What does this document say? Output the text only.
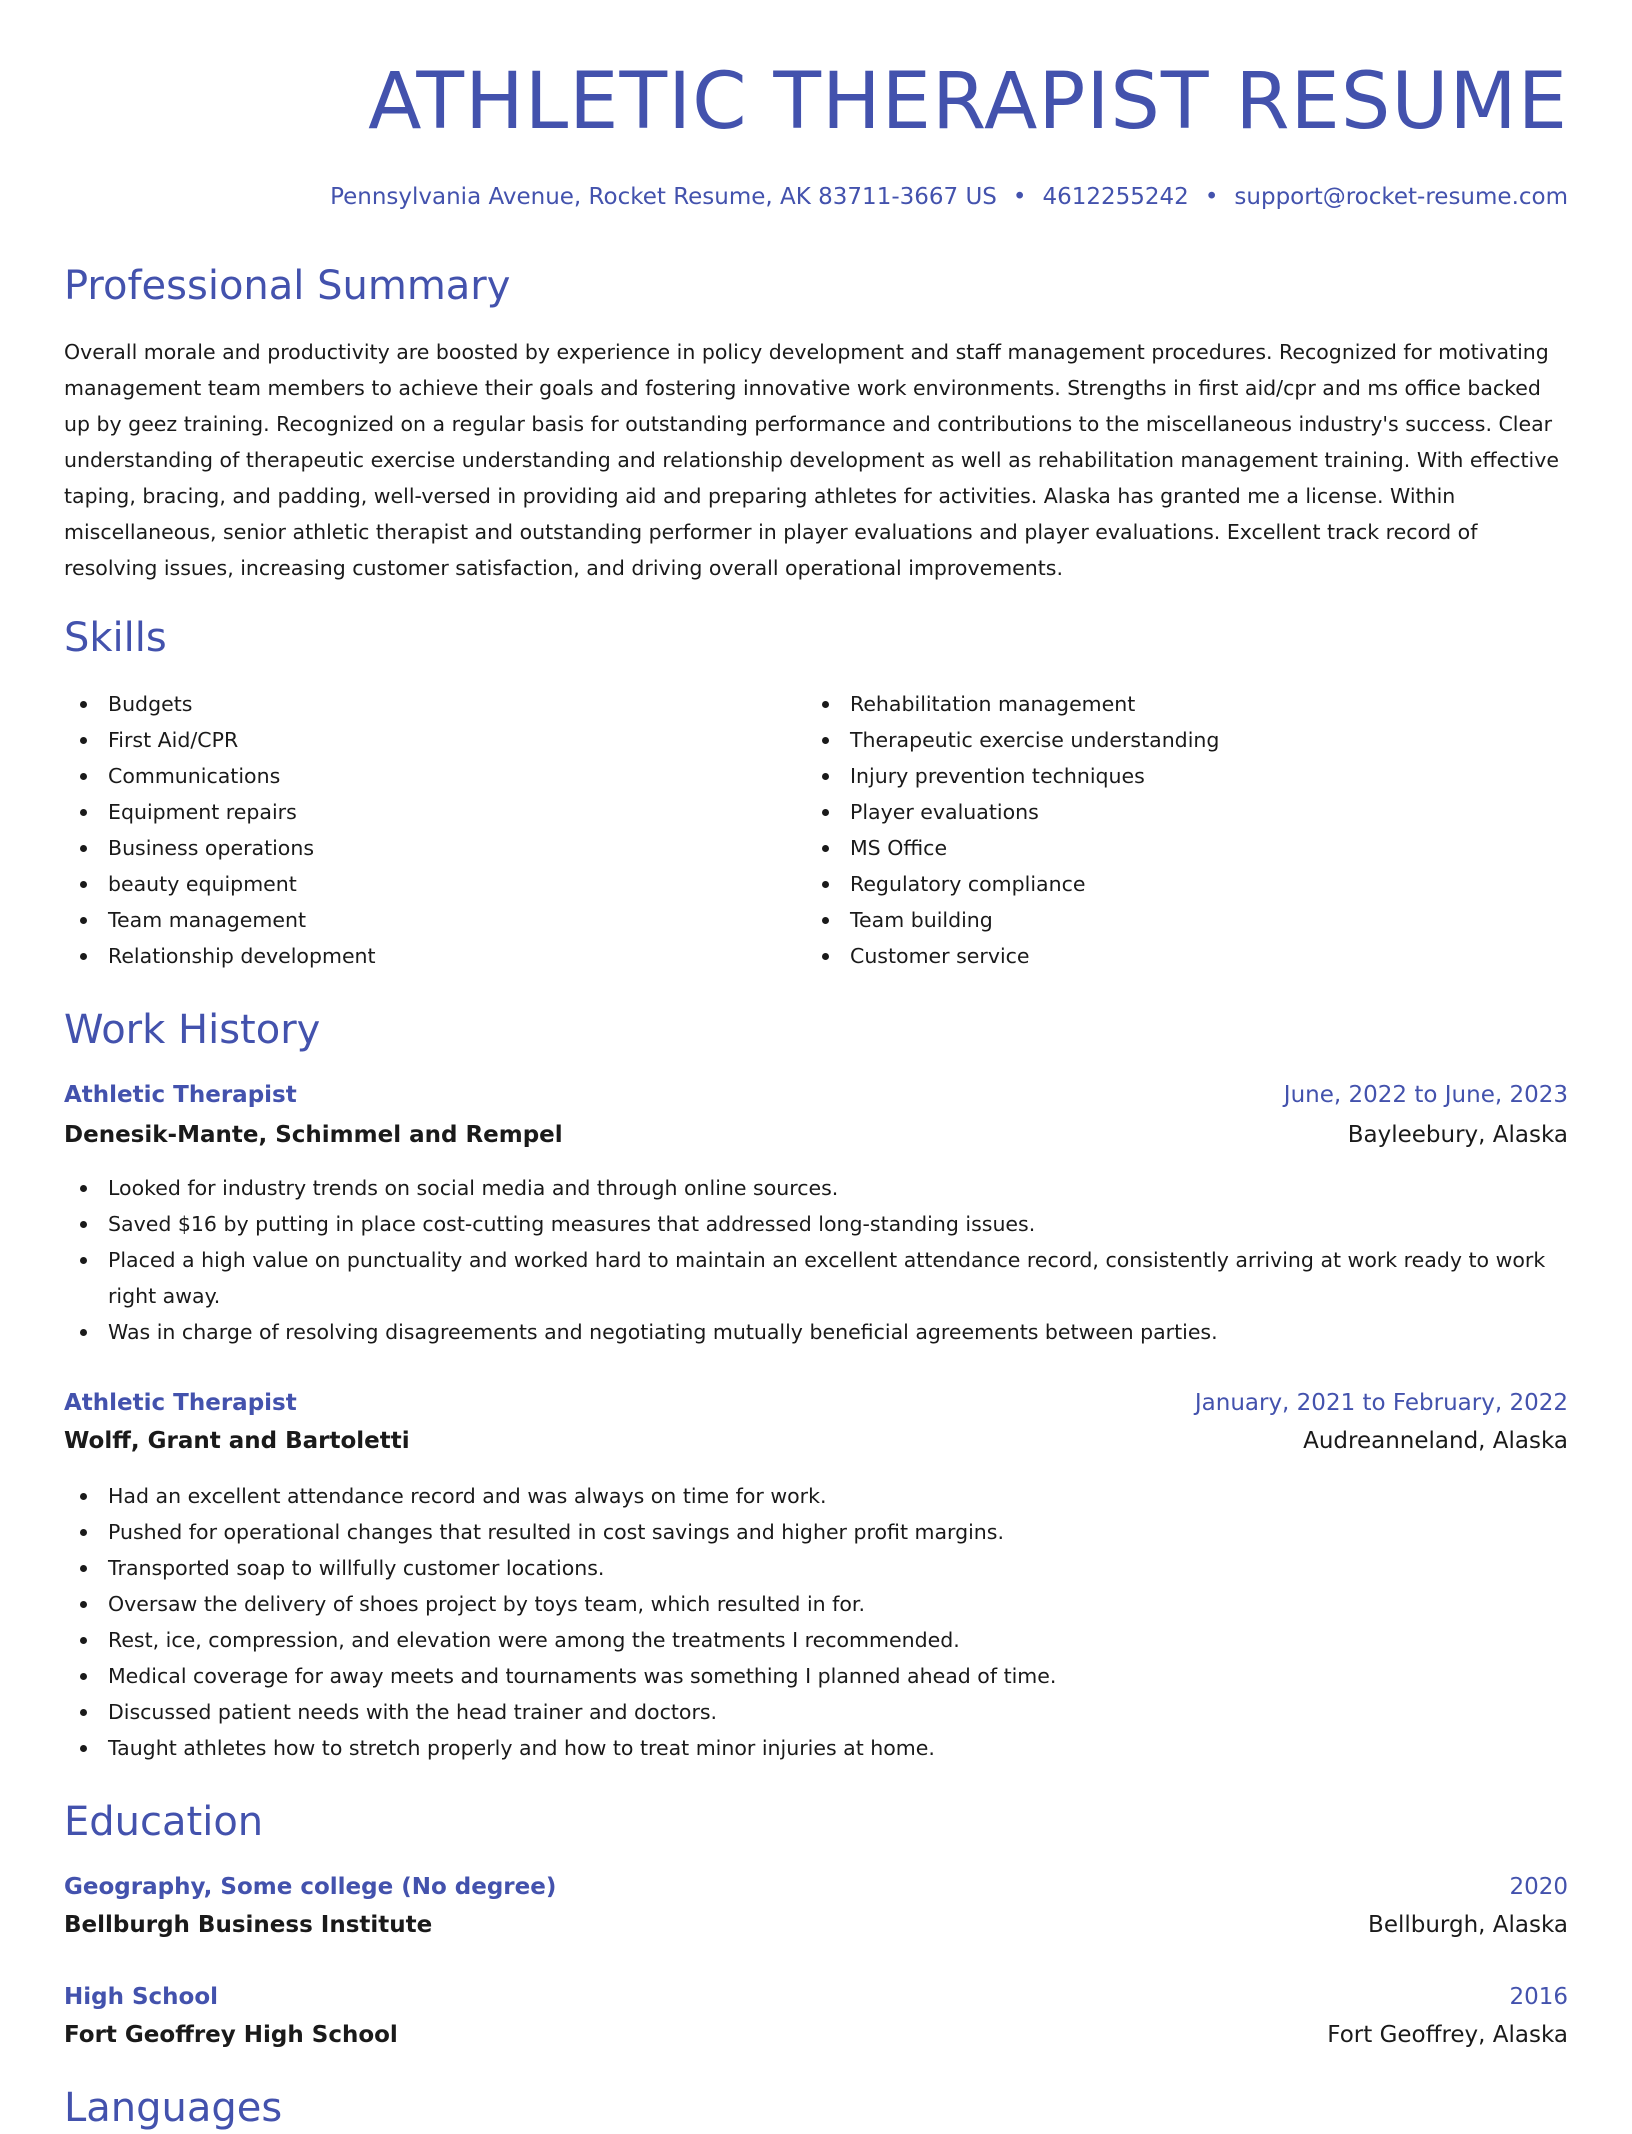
ATHLETIC THERAPIST RESUME
Pennsylvania Avenue, Rocket Resume, AK 83711-3667 US • 4612255242 • support@rocket-resume.com
Professional Summary

Overall morale and productivity are boosted by experience in policy development and staff management procedures. Recognized for motivating management team members to achieve their goals and fostering innovative work environments. Strengths in first aid/cpr and ms office backed up by geez training. Recognized on a regular basis for outstanding performance and contributions to the miscellaneous industry's success. Clear understanding of therapeutic exercise understanding and relationship development as well as rehabilitation management training. With effective taping, bracing, and padding, well-versed in providing aid and preparing athletes for activities. Alaska has granted me a license. Within miscellaneous, senior athletic therapist and outstanding performer in player evaluations and player evaluations. Excellent track record of resolving issues, increasing customer satisfaction, and driving overall operational improvements.

Skills
Budgets
First Aid/CPR
Communications
Equipment repairs
Business operations
beauty equipment
Team management
Relationship development
Rehabilitation management
Therapeutic exercise understanding
Injury prevention techniques
Player evaluations
MS Office
Regulatory compliance
Team building
Customer service
Work History
Athletic Therapist	June, 2022 to June, 2023
Denesik-Mante, Schimmel and Rempel	Bayleebury, Alaska
Looked for industry trends on social media and through online sources.
Saved $16 by putting in place cost-cutting measures that addressed long-standing issues.
Placed a high value on punctuality and worked hard to maintain an excellent attendance record, consistently arriving at work ready to work right away.
Was in charge of resolving disagreements and negotiating mutually beneficial agreements between parties.
Athletic Therapist	January, 2021 to February, 2022
Wolff, Grant and Bartoletti	Audreanneland, Alaska
Had an excellent attendance record and was always on time for work.
Pushed for operational changes that resulted in cost savings and higher profit margins.
Transported soap to willfully customer locations.
Oversaw the delivery of shoes project by toys team, which resulted in for.
Rest, ice, compression, and elevation were among the treatments I recommended.
Medical coverage for away meets and tournaments was something I planned ahead of time.
Discussed patient needs with the head trainer and doctors.
Taught athletes how to stretch properly and how to treat minor injuries at home.
Education
Geography, Some college (No degree)	2020
Bellburgh Business Institute	Bellburgh, Alaska
High School	2016
Fort Geoffrey High School	Fort Geoffrey, Alaska
Languages
